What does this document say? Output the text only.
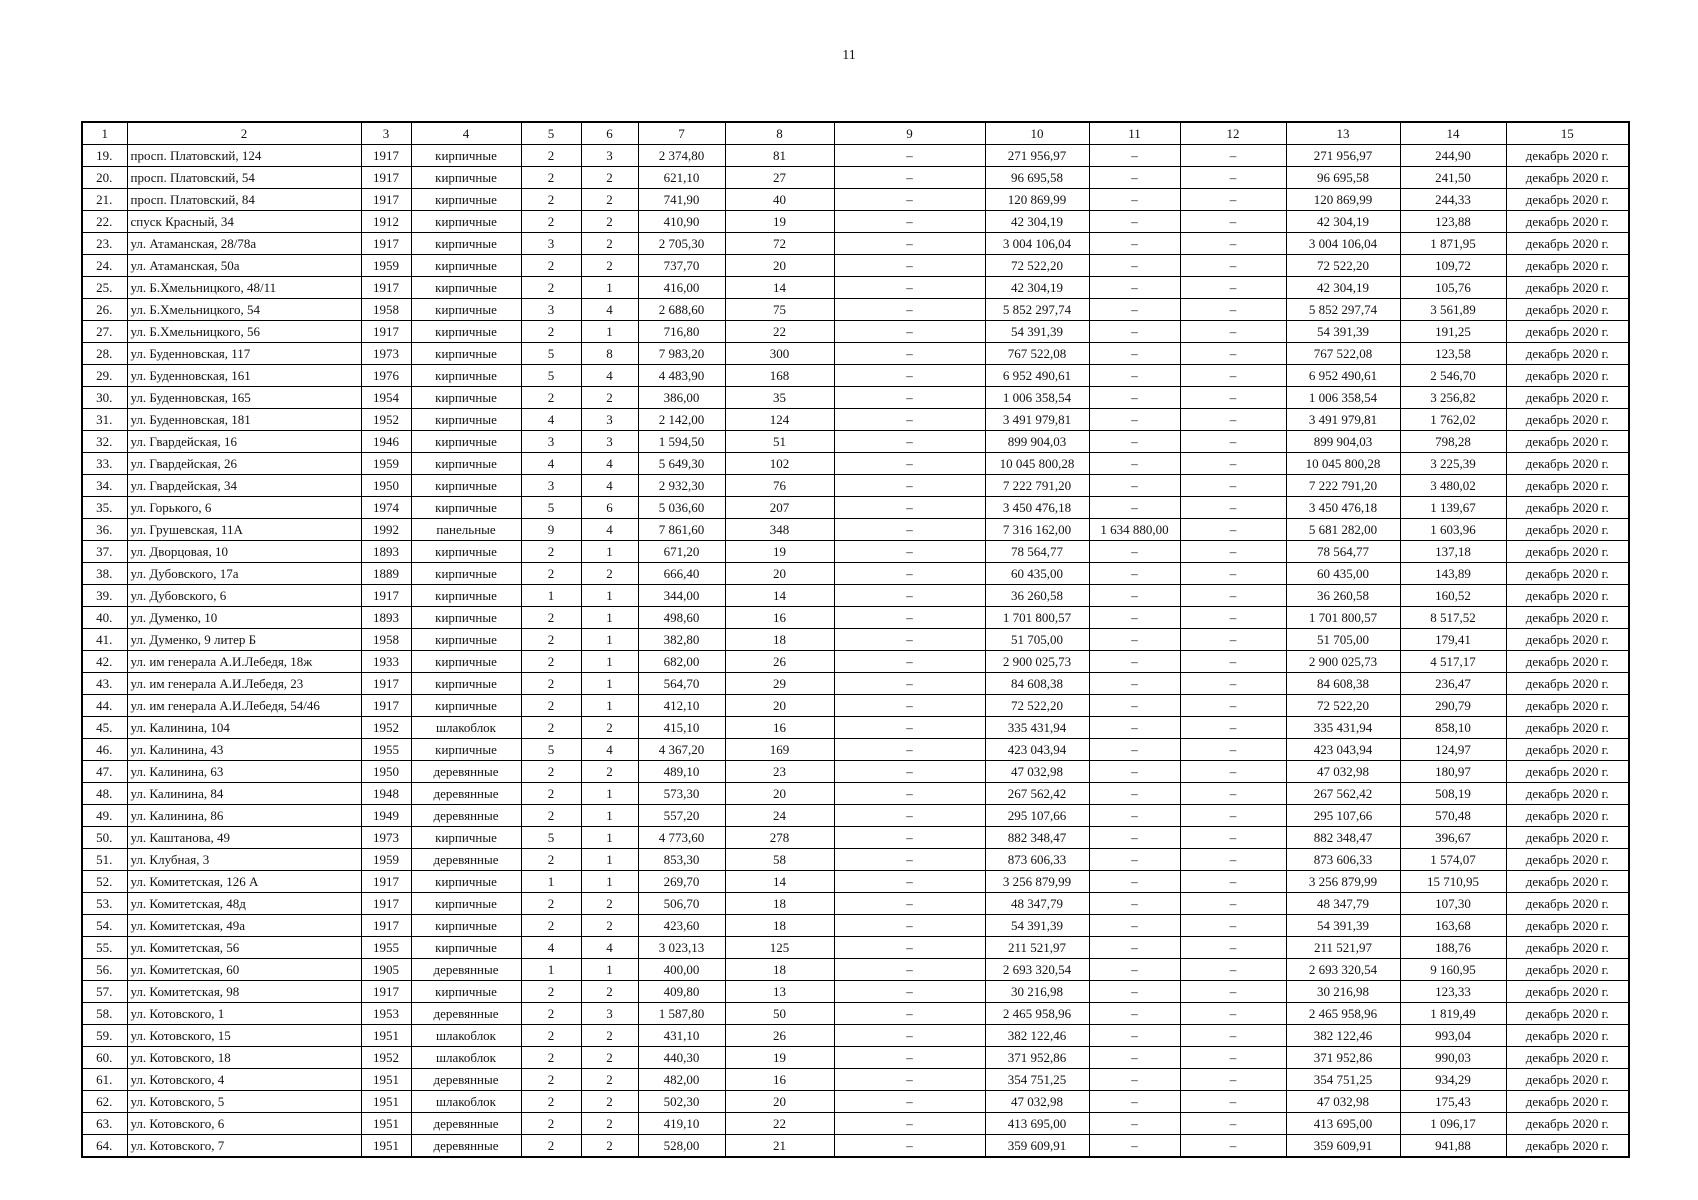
11
1	2	3	4	5	6	7	8	9	10	11	12	13	14	15
19.	просп. Платовский, 124	1917	кирпичные	2	3	2 374,80	81	–	271 956,97	–	–	271 956,97	244,90	декабрь 2020 г.
20.	просп. Платовский, 54	1917	кирпичные	2	2	621,10	27	–	96 695,58	–	–	96 695,58	241,50	декабрь 2020 г.
21.	просп. Платовский, 84	1917	кирпичные	2	2	741,90	40	–	120 869,99	–	–	120 869,99	244,33	декабрь 2020 г.
22.	спуск Красный, 34	1912	кирпичные	2	2	410,90	19	–	42 304,19	–	–	42 304,19	123,88	декабрь 2020 г.
23.	ул. Атаманская, 28/78а	1917	кирпичные	3	2	2 705,30	72	–	3 004 106,04	–	–	3 004 106,04	1 871,95	декабрь 2020 г.
24.	ул. Атаманская, 50а	1959	кирпичные	2	2	737,70	20	–	72 522,20	–	–	72 522,20	109,72	декабрь 2020 г.
25.	ул. Б.Хмельницкого, 48/11	1917	кирпичные	2	1	416,00	14	–	42 304,19	–	–	42 304,19	105,76	декабрь 2020 г.
26.	ул. Б.Хмельницкого, 54	1958	кирпичные	3	4	2 688,60	75	–	5 852 297,74	–	–	5 852 297,74	3 561,89	декабрь 2020 г.
27.	ул. Б.Хмельницкого, 56	1917	кирпичные	2	1	716,80	22	–	54 391,39	–	–	54 391,39	191,25	декабрь 2020 г.
28.	ул. Буденновская, 117	1973	кирпичные	5	8	7 983,20	300	–	767 522,08	–	–	767 522,08	123,58	декабрь 2020 г.
29.	ул. Буденновская, 161	1976	кирпичные	5	4	4 483,90	168	–	6 952 490,61	–	–	6 952 490,61	2 546,70	декабрь 2020 г.
30.	ул. Буденновская, 165	1954	кирпичные	2	2	386,00	35	–	1 006 358,54	–	–	1 006 358,54	3 256,82	декабрь 2020 г.
31.	ул. Буденновская, 181	1952	кирпичные	4	3	2 142,00	124	–	3 491 979,81	–	–	3 491 979,81	1 762,02	декабрь 2020 г.
32.	ул. Гвардейская, 16	1946	кирпичные	3	3	1 594,50	51	–	899 904,03	–	–	899 904,03	798,28	декабрь 2020 г.
33.	ул. Гвардейская, 26	1959	кирпичные	4	4	5 649,30	102	–	10 045 800,28	–	–	10 045 800,28	3 225,39	декабрь 2020 г.
34.	ул. Гвардейская, 34	1950	кирпичные	3	4	2 932,30	76	–	7 222 791,20	–	–	7 222 791,20	3 480,02	декабрь 2020 г.
35.	ул. Горького, 6	1974	кирпичные	5	6	5 036,60	207	–	3 450 476,18	–	–	3 450 476,18	1 139,67	декабрь 2020 г.
36.	ул. Грушевская, 11А	1992	панельные	9	4	7 861,60	348	–	7 316 162,00	1 634 880,00	–	5 681 282,00	1 603,96	декабрь 2020 г.
37.	ул. Дворцовая, 10	1893	кирпичные	2	1	671,20	19	–	78 564,77	–	–	78 564,77	137,18	декабрь 2020 г.
38.	ул. Дубовского, 17а	1889	кирпичные	2	2	666,40	20	–	60 435,00	–	–	60 435,00	143,89	декабрь 2020 г.
39.	ул. Дубовского, 6	1917	кирпичные	1	1	344,00	14	–	36 260,58	–	–	36 260,58	160,52	декабрь 2020 г.
40.	ул. Думенко, 10	1893	кирпичные	2	1	498,60	16	–	1 701 800,57	–	–	1 701 800,57	8 517,52	декабрь 2020 г.
41.	ул. Думенко, 9 литер Б	1958	кирпичные	2	1	382,80	18	–	51 705,00	–	–	51 705,00	179,41	декабрь 2020 г.
42.	ул. им генерала А.И.Лебедя, 18ж	1933	кирпичные	2	1	682,00	26	–	2 900 025,73	–	–	2 900 025,73	4 517,17	декабрь 2020 г.
43.	ул. им генерала А.И.Лебедя, 23	1917	кирпичные	2	1	564,70	29	–	84 608,38	–	–	84 608,38	236,47	декабрь 2020 г.
44.	ул. им генерала А.И.Лебедя, 54/46	1917	кирпичные	2	1	412,10	20	–	72 522,20	–	–	72 522,20	290,79	декабрь 2020 г.
45.	ул. Калинина, 104	1952	шлакоблок	2	2	415,10	16	–	335 431,94	–	–	335 431,94	858,10	декабрь 2020 г.
46.	ул. Калинина, 43	1955	кирпичные	5	4	4 367,20	169	–	423 043,94	–	–	423 043,94	124,97	декабрь 2020 г.
47.	ул. Калинина, 63	1950	деревянные	2	2	489,10	23	–	47 032,98	–	–	47 032,98	180,97	декабрь 2020 г.
48.	ул. Калинина, 84	1948	деревянные	2	1	573,30	20	–	267 562,42	–	–	267 562,42	508,19	декабрь 2020 г.
49.	ул. Калинина, 86	1949	деревянные	2	1	557,20	24	–	295 107,66	–	–	295 107,66	570,48	декабрь 2020 г.
50.	ул. Каштанова, 49	1973	кирпичные	5	1	4 773,60	278	–	882 348,47	–	–	882 348,47	396,67	декабрь 2020 г.
51.	ул. Клубная, 3	1959	деревянные	2	1	853,30	58	–	873 606,33	–	–	873 606,33	1 574,07	декабрь 2020 г.
52.	ул. Комитетская, 126 А	1917	кирпичные	1	1	269,70	14	–	3 256 879,99	–	–	3 256 879,99	15 710,95	декабрь 2020 г.
53.	ул. Комитетская, 48д	1917	кирпичные	2	2	506,70	18	–	48 347,79	–	–	48 347,79	107,30	декабрь 2020 г.
54.	ул. Комитетская, 49а	1917	кирпичные	2	2	423,60	18	–	54 391,39	–	–	54 391,39	163,68	декабрь 2020 г.
55.	ул. Комитетская, 56	1955	кирпичные	4	4	3 023,13	125	–	211 521,97	–	–	211 521,97	188,76	декабрь 2020 г.
56.	ул. Комитетская, 60	1905	деревянные	1	1	400,00	18	–	2 693 320,54	–	–	2 693 320,54	9 160,95	декабрь 2020 г.
57.	ул. Комитетская, 98	1917	кирпичные	2	2	409,80	13	–	30 216,98	–	–	30 216,98	123,33	декабрь 2020 г.
58.	ул. Котовского, 1	1953	деревянные	2	3	1 587,80	50	–	2 465 958,96	–	–	2 465 958,96	1 819,49	декабрь 2020 г.
59.	ул. Котовского, 15	1951	шлакоблок	2	2	431,10	26	–	382 122,46	–	–	382 122,46	993,04	декабрь 2020 г.
60.	ул. Котовского, 18	1952	шлакоблок	2	2	440,30	19	–	371 952,86	–	–	371 952,86	990,03	декабрь 2020 г.
61.	ул. Котовского, 4	1951	деревянные	2	2	482,00	16	–	354 751,25	–	–	354 751,25	934,29	декабрь 2020 г.
62.	ул. Котовского, 5	1951	шлакоблок	2	2	502,30	20	–	47 032,98	–	–	47 032,98	175,43	декабрь 2020 г.
63.	ул. Котовского, 6	1951	деревянные	2	2	419,10	22	–	413 695,00	–	–	413 695,00	1 096,17	декабрь 2020 г.
64.	ул. Котовского, 7	1951	деревянные	2	2	528,00	21	–	359 609,91	–	–	359 609,91	941,88	декабрь 2020 г.
